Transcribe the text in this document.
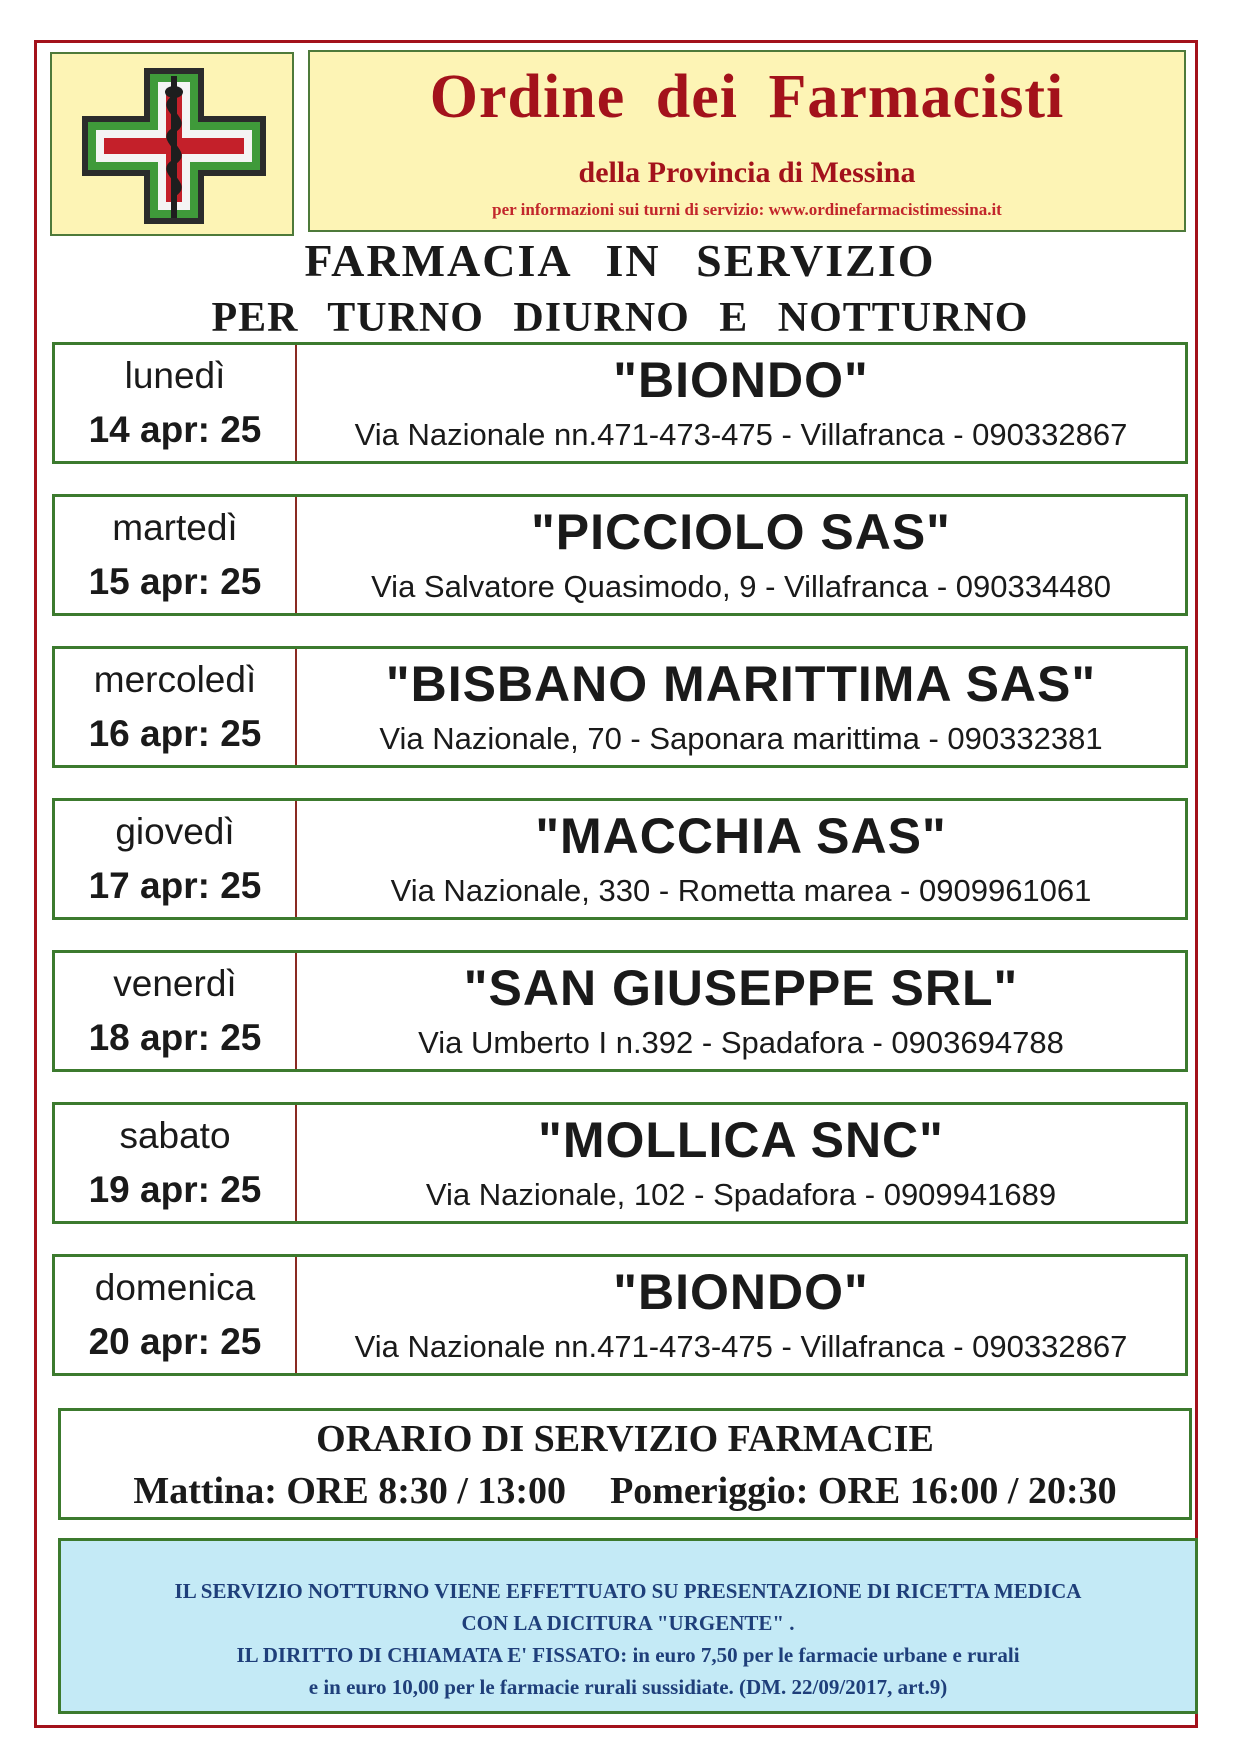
Ordine dei Farmacisti
della Provincia di Messina
per informazioni sui turni di servizio: www.ordinefarmacistimessina.it
FARMACIA IN SERVIZIO
PER TURNO DIURNO E NOTTURNO
lunedì
14 apr: 25
"BIONDO"
Via Nazionale nn.471-473-475 - Villafranca - 090332867
martedì
15 apr: 25
"PICCIOLO SAS"
Via Salvatore Quasimodo, 9 - Villafranca - 090334480
mercoledì
16 apr: 25
"BISBANO MARITTIMA SAS"
Via Nazionale, 70 - Saponara marittima - 090332381
giovedì
17 apr: 25
"MACCHIA SAS"
Via Nazionale, 330 - Rometta marea - 0909961061
venerdì
18 apr: 25
"SAN GIUSEPPE SRL"
Via Umberto I n.392 - Spadafora - 0903694788
sabato
19 apr: 25
"MOLLICA SNC"
Via Nazionale, 102 - Spadafora - 0909941689
domenica
20 apr: 25
"BIONDO"
Via Nazionale nn.471-473-475 - Villafranca - 090332867
ORARIO DI SERVIZIO FARMACIE
Mattina: ORE 8:30 / 13:00 Pomeriggio: ORE 16:00 / 20:30
IL SERVIZIO NOTTURNO VIENE EFFETTUATO SU PRESENTAZIONE DI RICETTA MEDICA
CON LA DICITURA "URGENTE" .
IL DIRITTO DI CHIAMATA E' FISSATO: in euro 7,50 per le farmacie urbane e rurali
e in euro 10,00 per le farmacie rurali sussidiate. (DM. 22/09/2017, art.9)
